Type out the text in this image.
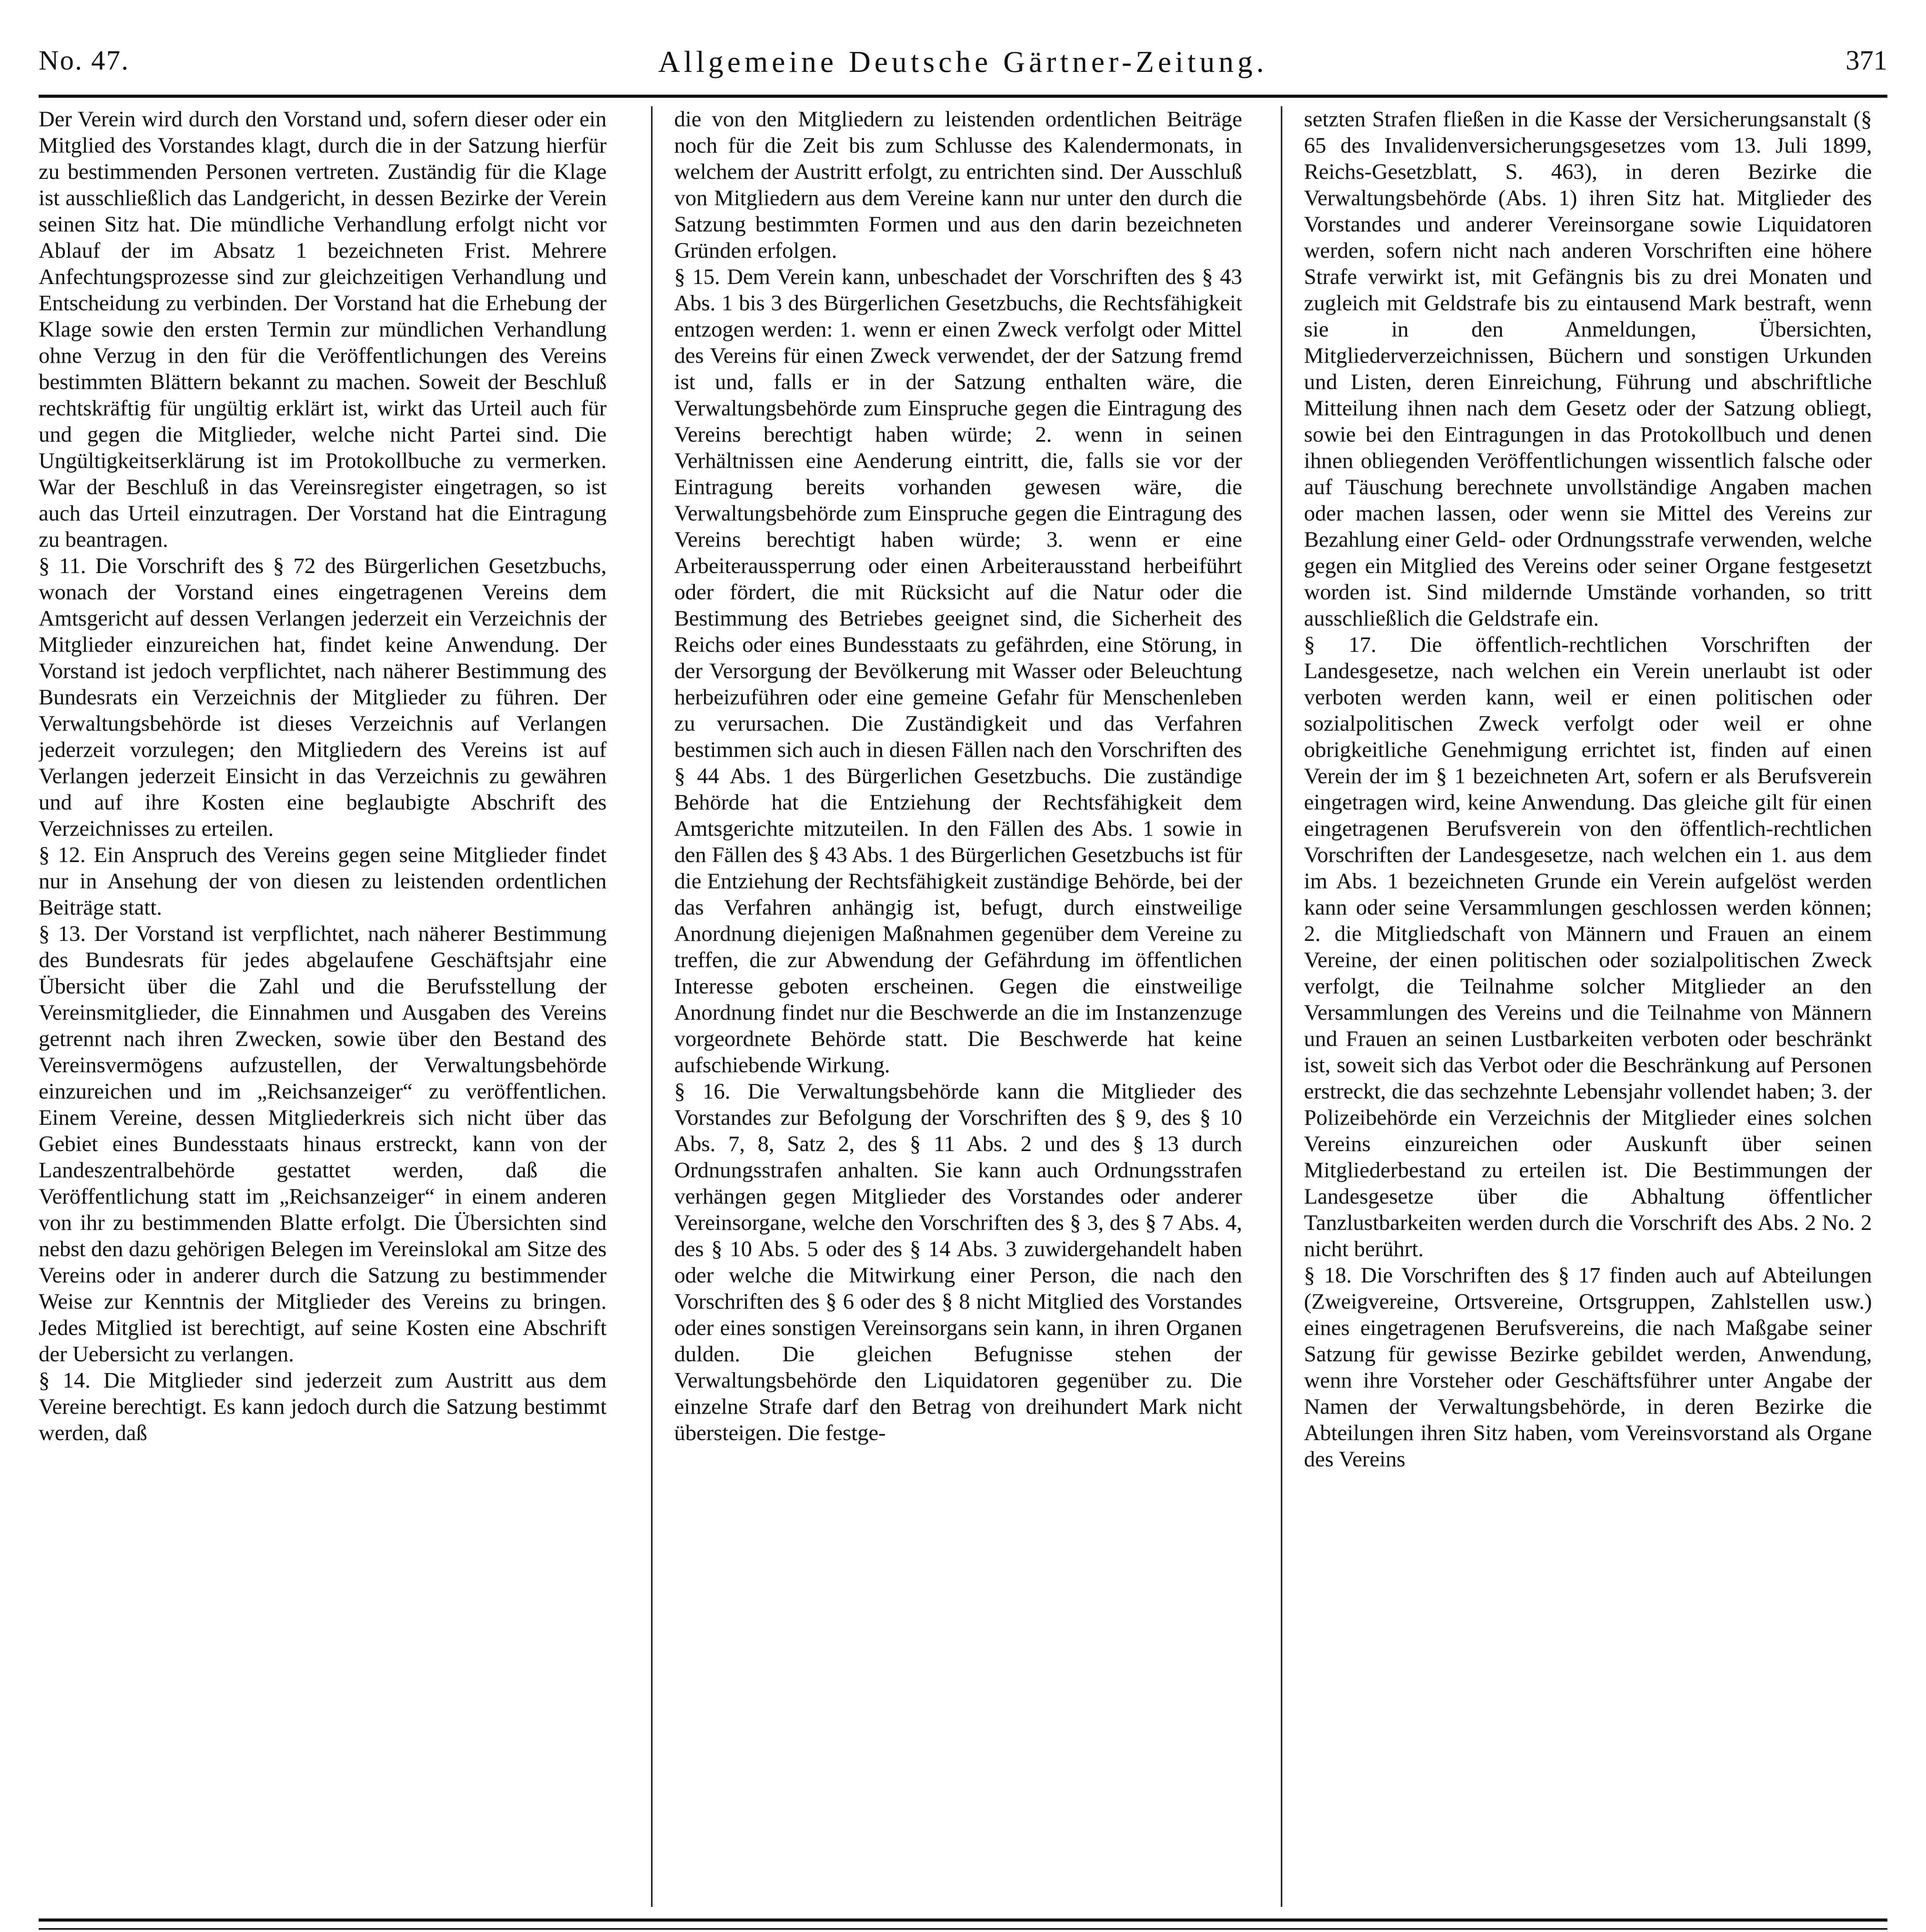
No. 47.	Allgemeine Deutsche Gärtner-Zeitung.	371

Der Verein wird durch den Vorstand und, sofern dieser oder ein Mitglied des Vorstandes klagt, durch die in der Satzung hierfür zu bestimmenden Personen vertreten. Zuständig für die Klage ist ausschließlich das Landgericht, in dessen Bezirke der Verein seinen Sitz hat. Die mündliche Verhandlung erfolgt nicht vor Ablauf der im Absatz 1 bezeichneten Frist. Mehrere Anfechtungsprozesse sind zur gleichzeitigen Verhandlung und Entscheidung zu verbinden. Der Vorstand hat die Erhebung der Klage sowie den ersten Termin zur mündlichen Verhandlung ohne Verzug in den für die Veröffentlichungen des Vereins bestimmten Blättern bekannt zu machen. Soweit der Beschluß rechtskräftig für ungültig erklärt ist, wirkt das Urteil auch für und gegen die Mitglieder, welche nicht Partei sind. Die Ungültigkeitserklärung ist im Protokollbuche zu vermerken. War der Beschluß in das Vereinsregister eingetragen, so ist auch das Urteil einzutragen. Der Vorstand hat die Eintragung zu beantragen.

§ 11. Die Vorschrift des § 72 des Bürgerlichen Gesetzbuchs, wonach der Vorstand eines eingetragenen Vereins dem Amtsgericht auf dessen Verlangen jederzeit ein Verzeichnis der Mitglieder einzureichen hat, findet keine Anwendung. Der Vorstand ist jedoch verpflichtet, nach näherer Bestimmung des Bundesrats ein Verzeichnis der Mitglieder zu führen. Der Verwaltungsbehörde ist dieses Verzeichnis auf Verlangen jederzeit vorzulegen; den Mitgliedern des Vereins ist auf Verlangen jederzeit Einsicht in das Verzeichnis zu gewähren und auf ihre Kosten eine beglaubigte Abschrift des Verzeichnisses zu erteilen.

§ 12. Ein Anspruch des Vereins gegen seine Mitglieder findet nur in Ansehung der von diesen zu leistenden ordentlichen Beiträge statt.

§ 13. Der Vorstand ist verpflichtet, nach näherer Bestimmung des Bundesrats für jedes abgelaufene Geschäftsjahr eine Übersicht über die Zahl und die Berufsstellung der Vereinsmitglieder, die Einnahmen und Ausgaben des Vereins getrennt nach ihren Zwecken, sowie über den Bestand des Vereinsvermögens aufzustellen, der Verwaltungsbehörde einzureichen und im „Reichsanzeiger“ zu veröffentlichen. Einem Vereine, dessen Mitgliederkreis sich nicht über das Gebiet eines Bundesstaats hinaus erstreckt, kann von der Landeszentralbehörde gestattet werden, daß die Veröffentlichung statt im „Reichsanzeiger“ in einem anderen von ihr zu bestimmenden Blatte erfolgt. Die Übersichten sind nebst den dazu gehörigen Belegen im Vereinslokal am Sitze des Vereins oder in anderer durch die Satzung zu bestimmender Weise zur Kenntnis der Mitglieder des Vereins zu bringen. Jedes Mitglied ist berechtigt, auf seine Kosten eine Abschrift der Uebersicht zu verlangen.

§ 14. Die Mitglieder sind jederzeit zum Austritt aus dem Vereine berechtigt. Es kann jedoch durch die Satzung bestimmt werden, daß

die von den Mitgliedern zu leistenden ordentlichen Beiträge noch für die Zeit bis zum Schlusse des Kalendermonats, in welchem der Austritt erfolgt, zu entrichten sind. Der Ausschluß von Mitgliedern aus dem Vereine kann nur unter den durch die Satzung bestimmten Formen und aus den darin bezeichneten Gründen erfolgen.

§ 15. Dem Verein kann, unbeschadet der Vorschriften des § 43 Abs. 1 bis 3 des Bürgerlichen Gesetzbuchs, die Rechtsfähigkeit entzogen werden: 1. wenn er einen Zweck verfolgt oder Mittel des Vereins für einen Zweck verwendet, der der Satzung fremd ist und, falls er in der Satzung enthalten wäre, die Verwaltungsbehörde zum Einspruche gegen die Eintragung des Vereins berechtigt haben würde; 2. wenn in seinen Verhältnissen eine Aenderung eintritt, die, falls sie vor der Eintragung bereits vorhanden gewesen wäre, die Verwaltungsbehörde zum Einspruche gegen die Eintragung des Vereins berechtigt haben würde; 3. wenn er eine Arbeiteraussperrung oder einen Arbeiterausstand herbeiführt oder fördert, die mit Rücksicht auf die Natur oder die Bestimmung des Betriebes geeignet sind, die Sicherheit des Reichs oder eines Bundesstaats zu gefährden, eine Störung, in der Versorgung der Bevölkerung mit Wasser oder Beleuchtung herbeizuführen oder eine gemeine Gefahr für Menschenleben zu verursachen. Die Zuständigkeit und das Verfahren bestimmen sich auch in diesen Fällen nach den Vorschriften des § 44 Abs. 1 des Bürgerlichen Gesetzbuchs. Die zuständige Behörde hat die Entziehung der Rechtsfähigkeit dem Amtsgerichte mitzuteilen. In den Fällen des Abs. 1 sowie in den Fällen des § 43 Abs. 1 des Bürgerlichen Gesetzbuchs ist für die Entziehung der Rechtsfähigkeit zuständige Behörde, bei der das Verfahren anhängig ist, befugt, durch einstweilige Anordnung diejenigen Maßnahmen gegenüber dem Vereine zu treffen, die zur Abwendung der Gefährdung im öffentlichen Interesse geboten erscheinen. Gegen die einstweilige Anordnung findet nur die Beschwerde an die im Instanzenzuge vorgeordnete Behörde statt. Die Beschwerde hat keine aufschiebende Wirkung.

§ 16. Die Verwaltungsbehörde kann die Mitglieder des Vorstandes zur Befolgung der Vorschriften des § 9, des § 10 Abs. 7, 8, Satz 2, des § 11 Abs. 2 und des § 13 durch Ordnungsstrafen anhalten. Sie kann auch Ordnungsstrafen verhängen gegen Mitglieder des Vorstandes oder anderer Vereinsorgane, welche den Vorschriften des § 3, des § 7 Abs. 4, des § 10 Abs. 5 oder des § 14 Abs. 3 zuwidergehandelt haben oder welche die Mitwirkung einer Person, die nach den Vorschriften des § 6 oder des § 8 nicht Mitglied des Vorstandes oder eines sonstigen Vereinsorgans sein kann, in ihren Organen dulden. Die gleichen Befugnisse stehen der Verwaltungsbehörde den Liquidatoren gegenüber zu. Die einzelne Strafe darf den Betrag von dreihundert Mark nicht übersteigen. Die festge-

setzten Strafen fließen in die Kasse der Versicherungsanstalt (§ 65 des Invalidenversicherungsgesetzes vom 13. Juli 1899, Reichs-Gesetzblatt, S. 463), in deren Bezirke die Verwaltungsbehörde (Abs. 1) ihren Sitz hat. Mitglieder des Vorstandes und anderer Vereinsorgane sowie Liquidatoren werden, sofern nicht nach anderen Vorschriften eine höhere Strafe verwirkt ist, mit Gefängnis bis zu drei Monaten und zugleich mit Geldstrafe bis zu eintausend Mark bestraft, wenn sie in den Anmeldungen, Übersichten, Mitgliederverzeichnissen, Büchern und sonstigen Urkunden und Listen, deren Einreichung, Führung und abschriftliche Mitteilung ihnen nach dem Gesetz oder der Satzung obliegt, sowie bei den Eintragungen in das Protokollbuch und denen ihnen obliegenden Veröffentlichungen wissentlich falsche oder auf Täuschung berechnete unvollständige Angaben machen oder machen lassen, oder wenn sie Mittel des Vereins zur Bezahlung einer Geld- oder Ordnungsstrafe verwenden, welche gegen ein Mitglied des Vereins oder seiner Organe festgesetzt worden ist. Sind mildernde Umstände vorhanden, so tritt ausschließlich die Geldstrafe ein.

§ 17. Die öffentlich-rechtlichen Vorschriften der Landesgesetze, nach welchen ein Verein unerlaubt ist oder verboten werden kann, weil er einen politischen oder sozialpolitischen Zweck verfolgt oder weil er ohne obrigkeitliche Genehmigung errichtet ist, finden auf einen Verein der im § 1 bezeichneten Art, sofern er als Berufsverein eingetragen wird, keine Anwendung. Das gleiche gilt für einen eingetragenen Berufsverein von den öffentlich-rechtlichen Vorschriften der Landesgesetze, nach welchen ein 1. aus dem im Abs. 1 bezeichneten Grunde ein Verein aufgelöst werden kann oder seine Versammlungen geschlossen werden können; 2. die Mitgliedschaft von Männern und Frauen an einem Vereine, der einen politischen oder sozialpolitischen Zweck verfolgt, die Teilnahme solcher Mitglieder an den Versammlungen des Vereins und die Teilnahme von Männern und Frauen an seinen Lustbarkeiten verboten oder beschränkt ist, soweit sich das Verbot oder die Beschränkung auf Personen erstreckt, die das sechzehnte Lebensjahr vollendet haben; 3. der Polizeibehörde ein Verzeichnis der Mitglieder eines solchen Vereins einzureichen oder Auskunft über seinen Mitgliederbestand zu erteilen ist. Die Bestimmungen der Landesgesetze über die Abhaltung öffentlicher Tanzlustbarkeiten werden durch die Vorschrift des Abs. 2 No. 2 nicht berührt.

§ 18. Die Vorschriften des § 17 finden auch auf Abteilungen (Zweigvereine, Ortsvereine, Ortsgruppen, Zahlstellen usw.) eines eingetragenen Berufsvereins, die nach Maßgabe seiner Satzung für gewisse Bezirke gebildet werden, Anwendung, wenn ihre Vorsteher oder Geschäftsführer unter Angabe der Namen der Verwaltungsbehörde, in deren Bezirke die Abteilungen ihren Sitz haben, vom Vereinsvorstand als Organe des Vereins
